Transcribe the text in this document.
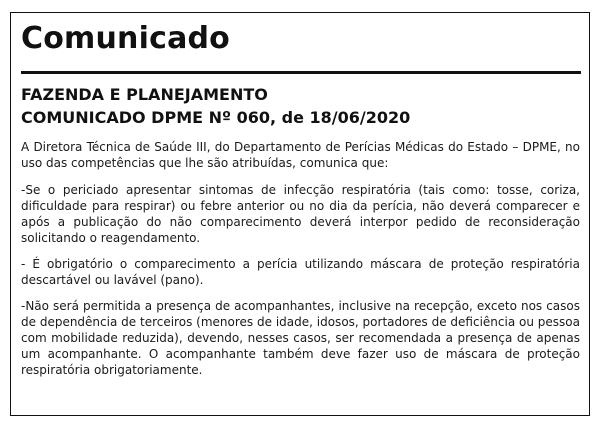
Comunicado
FAZENDA E PLANEJAMENTO
COMUNICADO DPME Nº 060, de 18/06/2020

A Diretora Técnica de Saúde III, do Departamento de Perícias Médicas do Estado – DPME, no uso das competências que lhe são atribuídas, comunica que:

-Se o periciado apresentar sintomas de infecção respiratória (tais como: tosse, coriza, dificuldade para respirar) ou febre anterior ou no dia da perícia, não deverá comparecer e após a publicação do não comparecimento deverá interpor pedido de reconsideração solicitando o reagendamento.

- É obrigatório o comparecimento a perícia utilizando máscara de proteção respiratória descartável ou lavável (pano).

-Não será permitida a presença de acompanhantes, inclusive na recepção, exceto nos casos de dependência de terceiros (menores de idade, idosos, portadores de deficiência ou pessoa com mobilidade reduzida), devendo, nesses casos, ser recomendada a presença de apenas um acompanhante. O acompanhante também deve fazer uso de máscara de proteção respiratória obrigatoriamente.
